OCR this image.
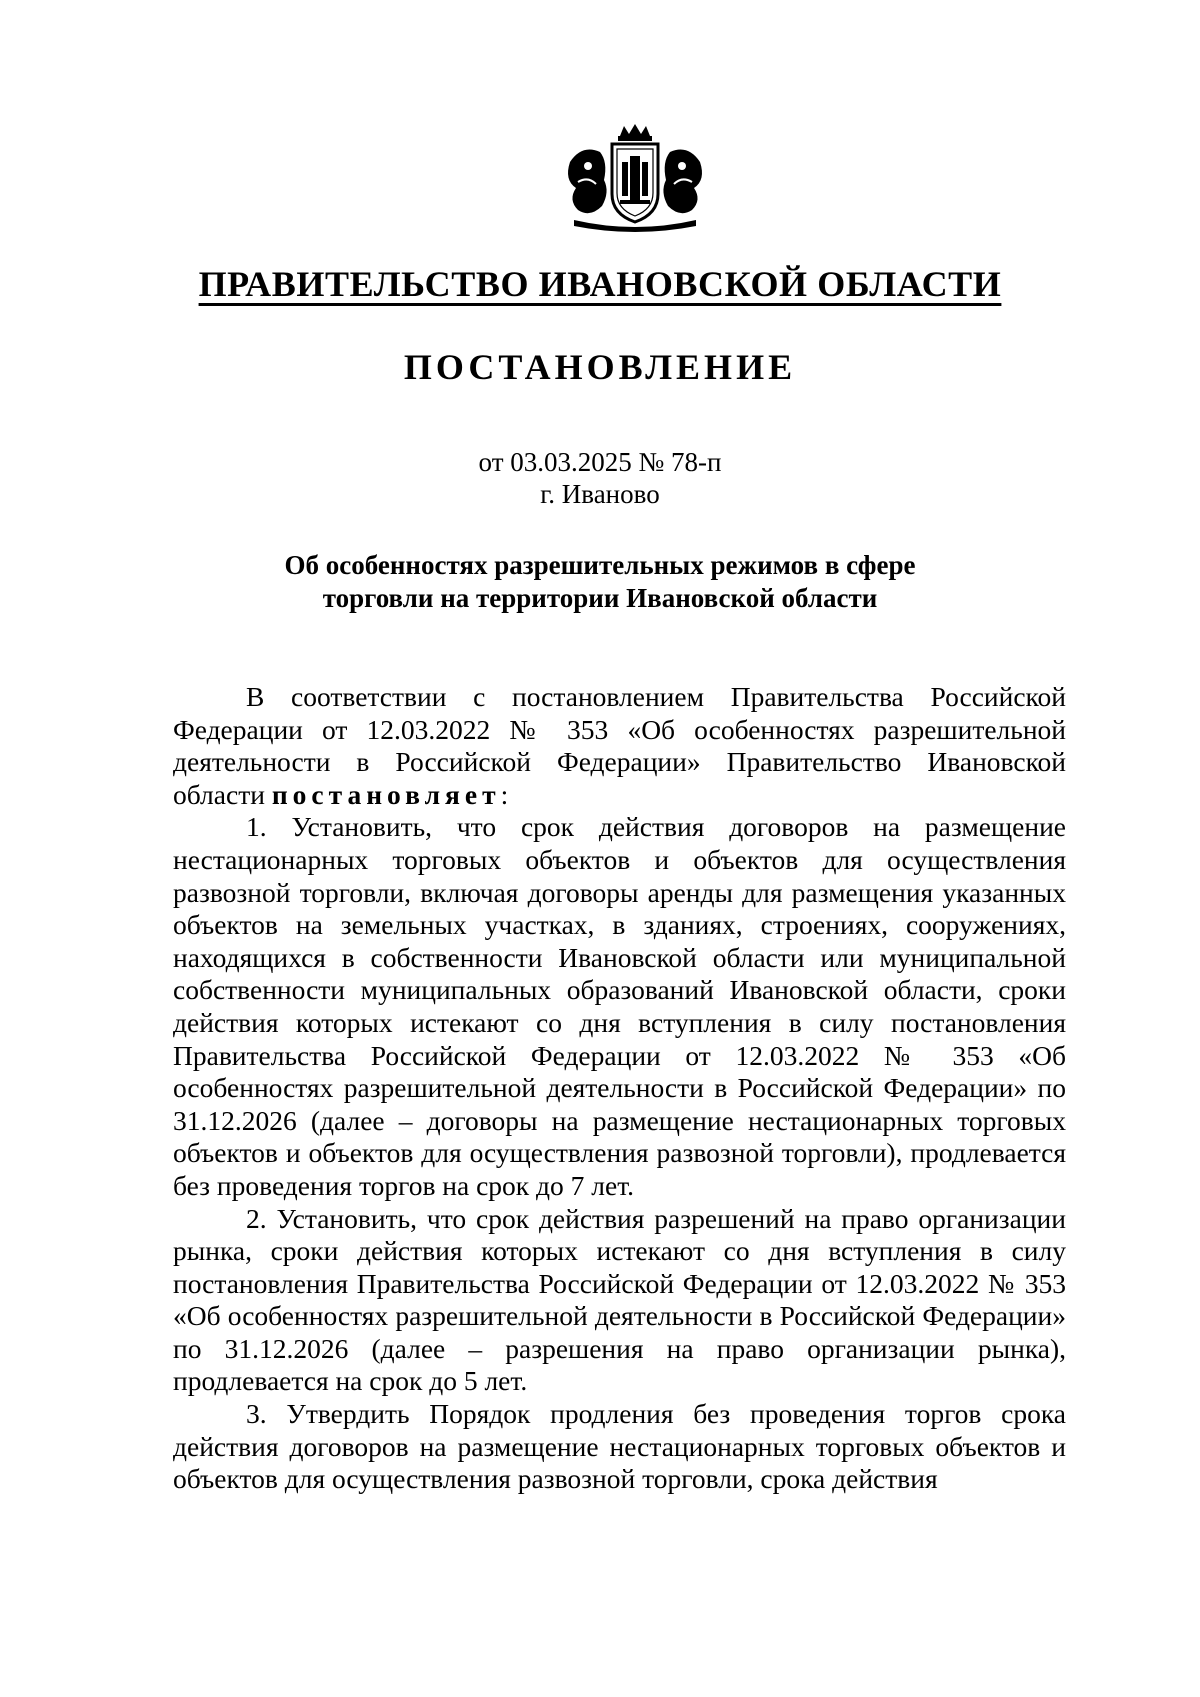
ПРАВИТЕЛЬСТВО ИВАНОВСКОЙ ОБЛАСТИ
ПОСТАНОВЛЕНИЕ
от 03.03.2025 № 78-п
г. Иваново
Об особенностях разрешительных режимов в сфере
торговли на территории Ивановской области

В соответствии с постановлением Правительства Российской Федерации от 12.03.2022 № 353 «Об особенностях разрешительной деятельности в Российской Федерации» Правительство Ивановской области постановляет:

1. Установить, что срок действия договоров на размещение нестационарных торговых объектов и объектов для осуществления развозной торговли, включая договоры аренды для размещения указанных объектов на земельных участках, в зданиях, строениях, сооружениях, находящихся в собственности Ивановской области или муниципальной собственности муниципальных образований Ивановской области, сроки действия которых истекают со дня вступления в силу постановления Правительства Российской Федерации от 12.03.2022 № 353 «Об особенностях разрешительной деятельности в Российской Федерации» по 31.12.2026 (далее – договоры на размещение нестационарных торговых объектов и объектов для осуществления развозной торговли), продлевается без проведения торгов на срок до 7 лет.

2. Установить, что срок действия разрешений на право организации рынка, сроки действия которых истекают со дня вступления в силу постановления Правительства Российской Федерации от 12.03.2022 № 353 «Об особенностях разрешительной деятельности в Российской Федерации» по 31.12.2026 (далее – разрешения на право организации рынка), продлевается на срок до 5 лет.

3. Утвердить Порядок продления без проведения торгов срока действия договоров на размещение нестационарных торговых объектов и объектов для осуществления развозной торговли, срока действия
